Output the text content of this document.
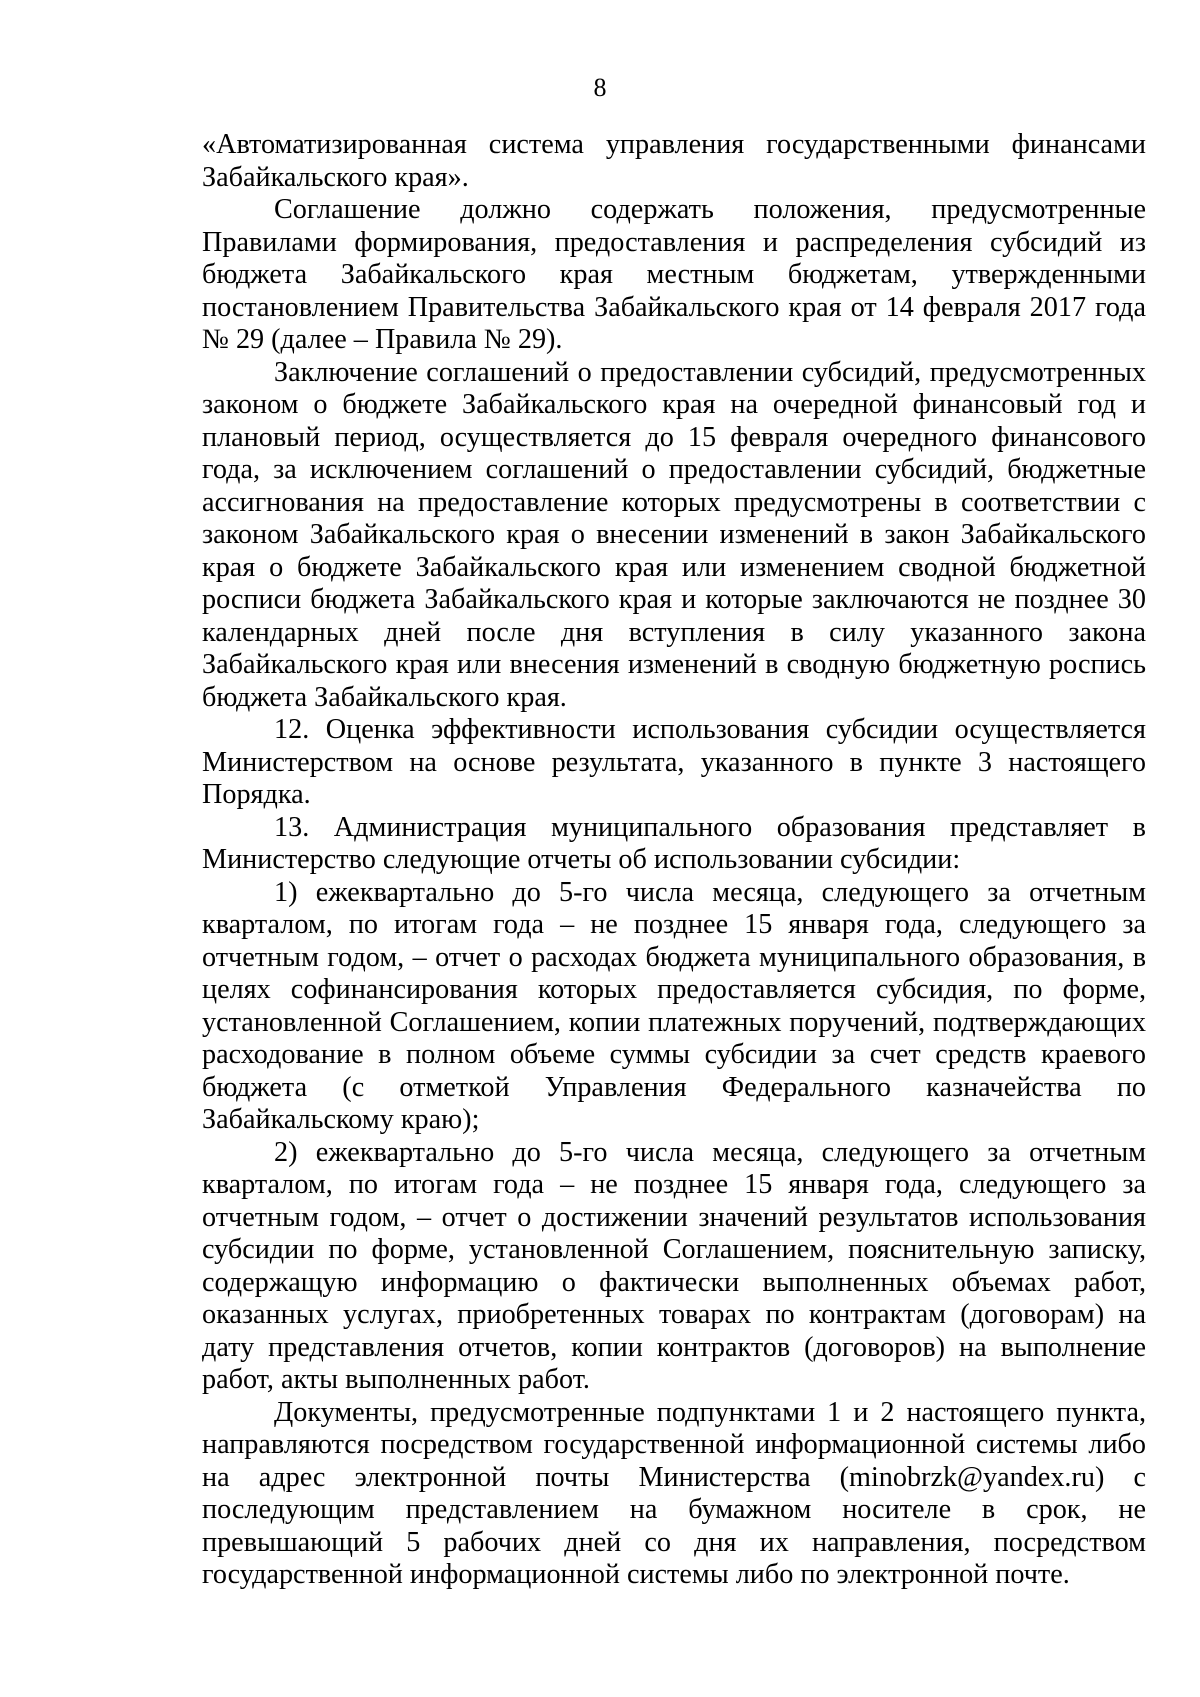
8

«Автоматизированная система управления государственными финансами Забайкальского края».

Соглашение должно содержать положения, предусмотренные Правилами формирования, предоставления и распределения субсидий из бюджета Забайкальского края местным бюджетам, утвержденными постановлением Правительства Забайкальского края от 14 февраля 2017 года № 29 (далее – Правила № 29).

Заключение соглашений о предоставлении субсидий, предусмотренных законом о бюджете Забайкальского края на очередной финансовый год и плановый период, осуществляется до 15 февраля очередного финансового года, за исключением соглашений о предоставлении субсидий, бюджетные ассигнования на предоставление которых предусмотрены в соответствии с законом Забайкальского края о внесении изменений в закон Забайкальского края о бюджете Забайкальского края или изменением сводной бюджетной росписи бюджета Забайкальского края и которые заключаются не позднее 30 календарных дней после дня вступления в силу указанного закона Забайкальского края или внесения изменений в сводную бюджетную роспись бюджета Забайкальского края.

12. Оценка эффективности использования субсидии осуществляется Министерством на основе результата, указанного в пункте 3 настоящего Порядка.

13. Администрация муниципального образования представляет в Министерство следующие отчеты об использовании субсидии:

1) ежеквартально до 5-го числа месяца, следующего за отчетным кварталом, по итогам года – не позднее 15 января года, следующего за отчетным годом, – отчет о расходах бюджета муниципального образования, в целях софинансирования которых предоставляется субсидия, по форме, установленной Соглашением, копии платежных поручений, подтверждающих расходование в полном объеме суммы субсидии за счет средств краевого бюджета (с отметкой Управления Федерального казначейства по Забайкальскому краю);

2) ежеквартально до 5-го числа месяца, следующего за отчетным кварталом, по итогам года – не позднее 15 января года, следующего за отчетным годом, – отчет о достижении значений результатов использования субсидии по форме, установленной Соглашением, пояснительную записку, содержащую информацию о фактически выполненных объемах работ, оказанных услугах, приобретенных товарах по контрактам (договорам) на дату представления отчетов, копии контрактов (договоров) на выполнение работ, акты выполненных работ.

Документы, предусмотренные подпунктами 1 и 2 настоящего пункта, направляются посредством государственной информационной системы либо на адрес электронной почты Министерства (minobrzk@yandex.ru) с последующим представлением на бумажном носителе в срок, не превышающий 5 рабочих дней со дня их направления, посредством государственной информационной системы либо по электронной почте.
